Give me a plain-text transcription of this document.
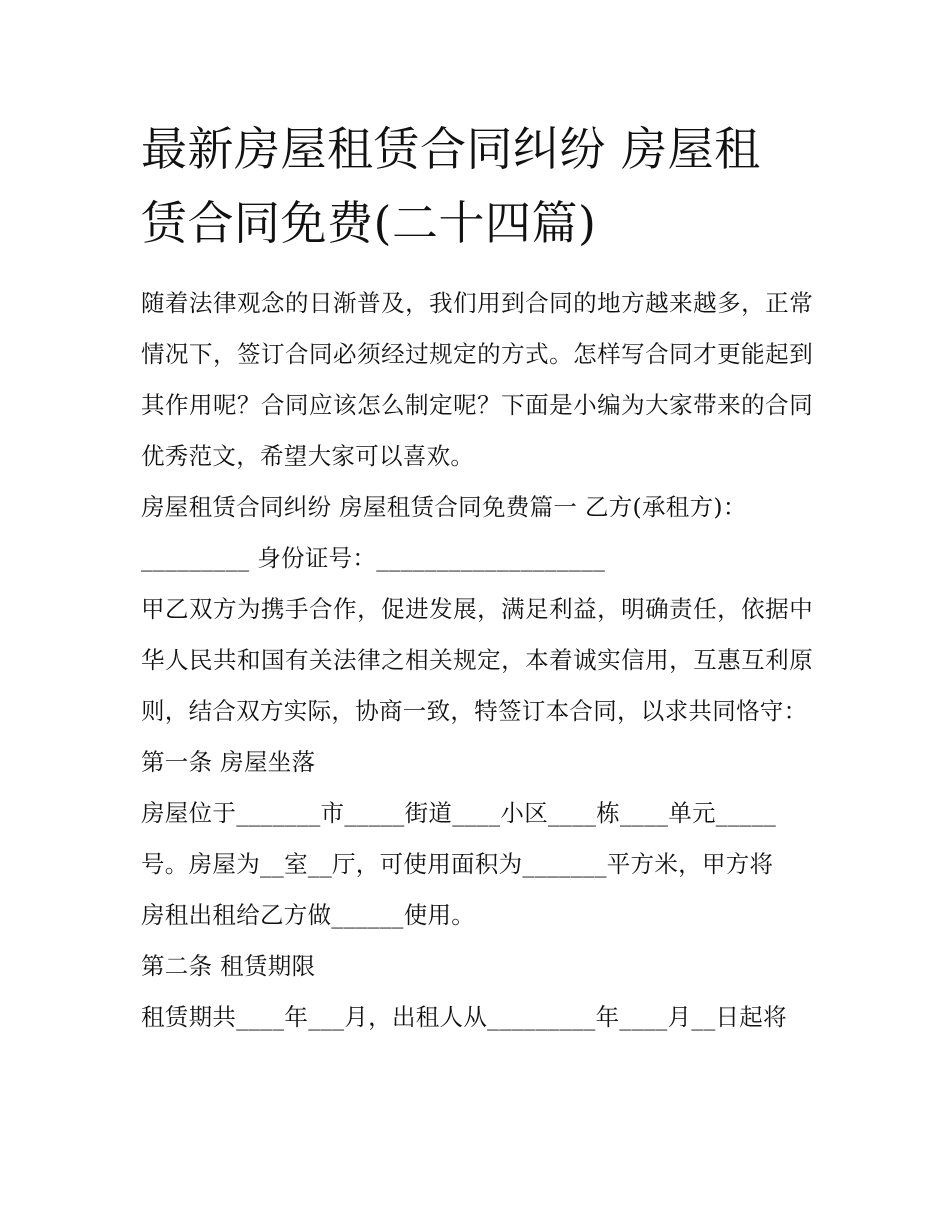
最新房屋租赁合同纠纷 房屋租
赁合同免费(二十四篇)

随着法律观念的日渐普及，我们用到合同的地方越来越多，正常情况下，签订合同必须经过规定的方式。怎样写合同才更能起到其作用呢？合同应该怎么制定呢？下面是小编为大家带来的合同优秀范文，希望大家可以喜欢。

房屋租赁合同纠纷 房屋租赁合同免费篇一 乙方(承租方)：

_________ 身份证号：___________________

甲乙双方为携手合作，促进发展，满足利益，明确责任，依据中华人民共和国有关法律之相关规定，本着诚实信用，互惠互利原则，结合双方实际，协商一致，特签订本合同，以求共同恪守：

第一条 房屋坐落

房屋位于_______市_____街道____小区____栋____单元_____

号。房屋为__室__厅，可使用面积为_______平方米，甲方将

房租出租给乙方做______使用。

第二条 租赁期限

租赁期共____年___月，出租人从_________年____月__日起将
